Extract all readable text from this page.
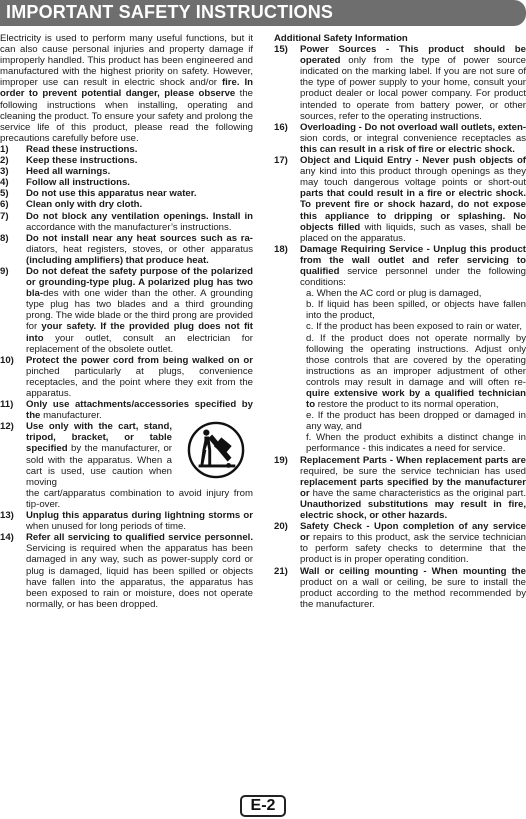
IMPORTANT SAFETY INSTRUCTIONS
Electricity is used to perform many useful functions, but it can also cause personal injuries and property damage if improperly handled. This product has been engineered and manufactured with the highest priority on safety. However, improper use can result in electric shock and/or fire. In order to prevent potential danger, please observe the following instructions when installing, operating and cleaning the product. To ensure your safety and prolong the service life of this product, please read the following precautions carefully before use.
1)	Read these instructions.
2)	Keep these instructions.
3)	Heed all warnings.
4)	Follow all instructions.
5)	Do not use this apparatus near water.
6)	Clean only with dry cloth.
7)	Do not block any ventilation openings. Install in accordance with the manufacturer’s instructions.
8)	Do not install near any heat sources such as ra-diators, heat registers, stoves, or other apparatus (including amplifiers) that produce heat.
9)	Do not defeat the safety purpose of the polarized or grounding-type plug. A polarized plug has two bla-des with one wider than the other. A grounding type plug has two blades and a third grounding prong. The wide blade or the third prong are provided for your safety. If the provided plug does not fit into your outlet, consult an electrician for replacement of the obsolete outlet.
10)	Protect the power cord from being walked on or pinched particularly at plugs, convenience receptacles, and the point where they exit from the apparatus.
11)	Only use attachments/accessories specified by the manufacturer.
12)	Use only with the cart, stand, tripod, bracket, or table specified by the manufacturer, or sold with the apparatus. When a cart is used, use caution when moving
the cart/apparatus combination to avoid injury from tip-over.
13)	Unplug this apparatus during lightning storms or when unused for long periods of time.
14)	Refer all servicing to qualified service personnel. Servicing is required when the apparatus has been damaged in any way, such as power-supply cord or plug is damaged, liquid has been spilled or objects have fallen into the apparatus, the apparatus has been exposed to rain or moisture, does not operate normally, or has been dropped.
Additional Safety Information
15)	Power Sources - This product should be operated only from the type of power source indicated on the marking label. If you are not sure of the type of power supply to your home, consult your product dealer or local power company. For product intended to operate from battery power, or other sources, refer to the operating instructions.
16)	Overloading - Do not overload wall outlets, exten-sion cords, or integral convenience receptacles as this can result in a risk of fire or electric shock.
17)	Object and Liquid Entry - Never push objects of any kind into this product through openings as they may touch dangerous voltage points or short-out parts that could result in a fire or electric shock. To prevent fire or shock hazard, do not expose this appliance to dripping or splashing. No objects filled with liquids, such as vases, shall be placed on the apparatus.
18)	Damage Requiring Service - Unplug this product from the wall outlet and refer servicing to qualified service personnel under the following conditions:
a. When the AC cord or plug is damaged,
b. If liquid has been spilled, or objects have fallen into the product,
c. If the product has been exposed to rain or water,
d. If the product does not operate normally by following the operating instructions. Adjust only those controls that are covered by the operating instructions as an improper adjustment of other controls may result in damage and will often re-quire extensive work by a qualified technician to restore the product to its normal operation,
e. If the product has been dropped or damaged in any way, and
f. When the product exhibits a distinct change in performance - this indicates a need for service.
19)	Replacement Parts - When replacement parts are required, be sure the service technician has used replacement parts specified by the manufacturer or have the same characteristics as the original part. Unauthorized substitutions may result in fire, electric shock, or other hazards.
20)	Safety Check - Upon completion of any service or repairs to this product, ask the service technician to perform safety checks to determine that the product is in proper operating condition.
21)	Wall or ceiling mounting - When mounting the product on a wall or ceiling, be sure to install the product according to the method recommended by the manufacturer.
E-2
